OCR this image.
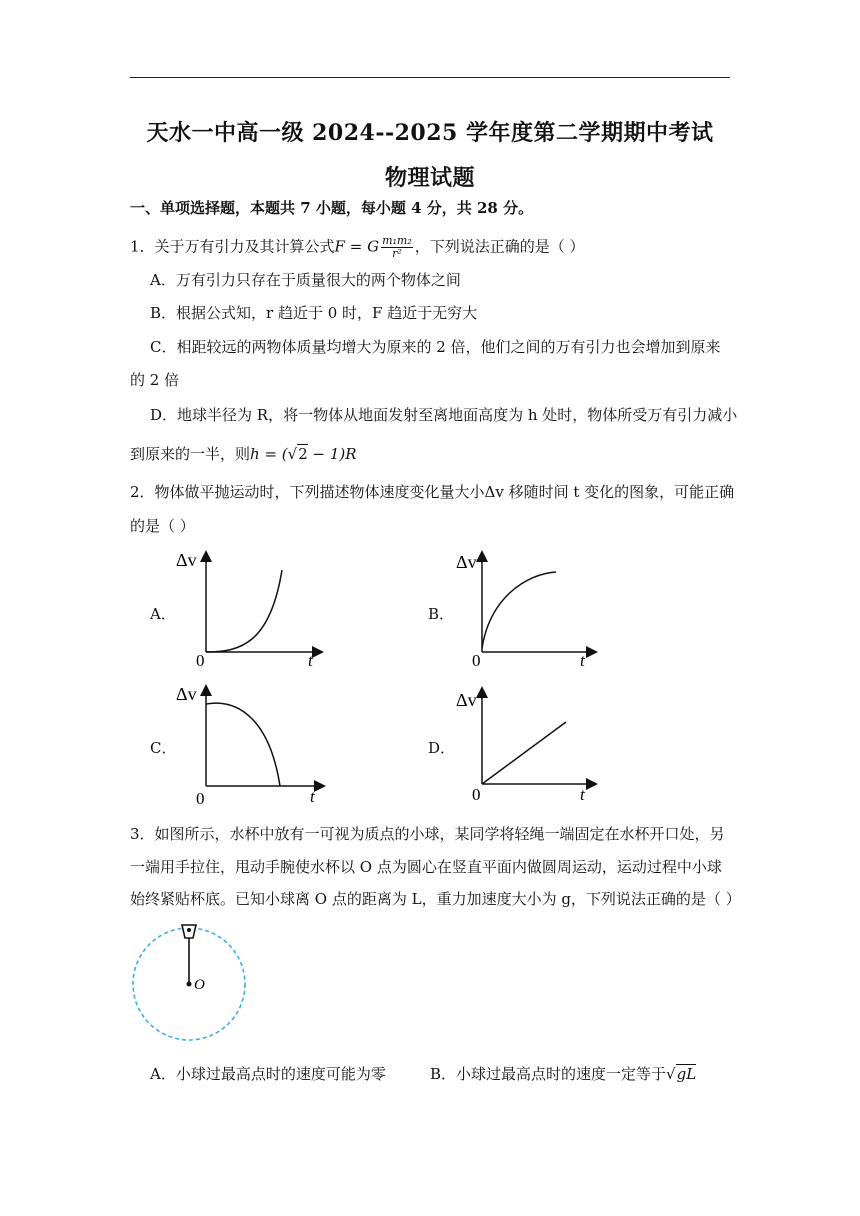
天水一中高一级 2024--2025 学年度第二学期期中考试
物理试题
一、单项选择题，本题共 7 小题，每小题 4 分，共 28 分。
1．关于万有引力及其计算公式F = G $\frac{\text{m₁m₂}}{\text{r²}}$ ，下列说法正确的是（ ）
A．万有引力只存在于质量很大的两个物体之间
B．根据公式知，r 趋近于 0 时，F 趋近于无穷大
C．相距较远的两物体质量均增大为原来的 2 倍，他们之间的万有引力也会增加到原来
的 2 倍
D．地球半径为 R，将一物体从地面发射至离地面高度为 h 处时，物体所受万有引力减小
到原来的一半，则h = (√2 − 1)R
2．物体做平抛运动时，下列描述物体速度变化量大小Δv 移随时间 t 变化的图象，可能正确
的是（ ）
A．
Δv
t
0
B．
Δv
t
0
C．
Δv
t
0
D．
Δv
t
0
3．如图所示，水杯中放有一可视为质点的小球，某同学将轻绳一端固定在水杯开口处，另
一端用手拉住，甩动手腕使水杯以 O 点为圆心在竖直平面内做圆周运动，运动过程中小球
始终紧贴杯底。已知小球离 O 点的距离为 L，重力加速度大小为 g，下列说法正确的是（ ）
O
A．小球过最高点时的速度可能为零	B．小球过最高点时的速度一定等于√gL
